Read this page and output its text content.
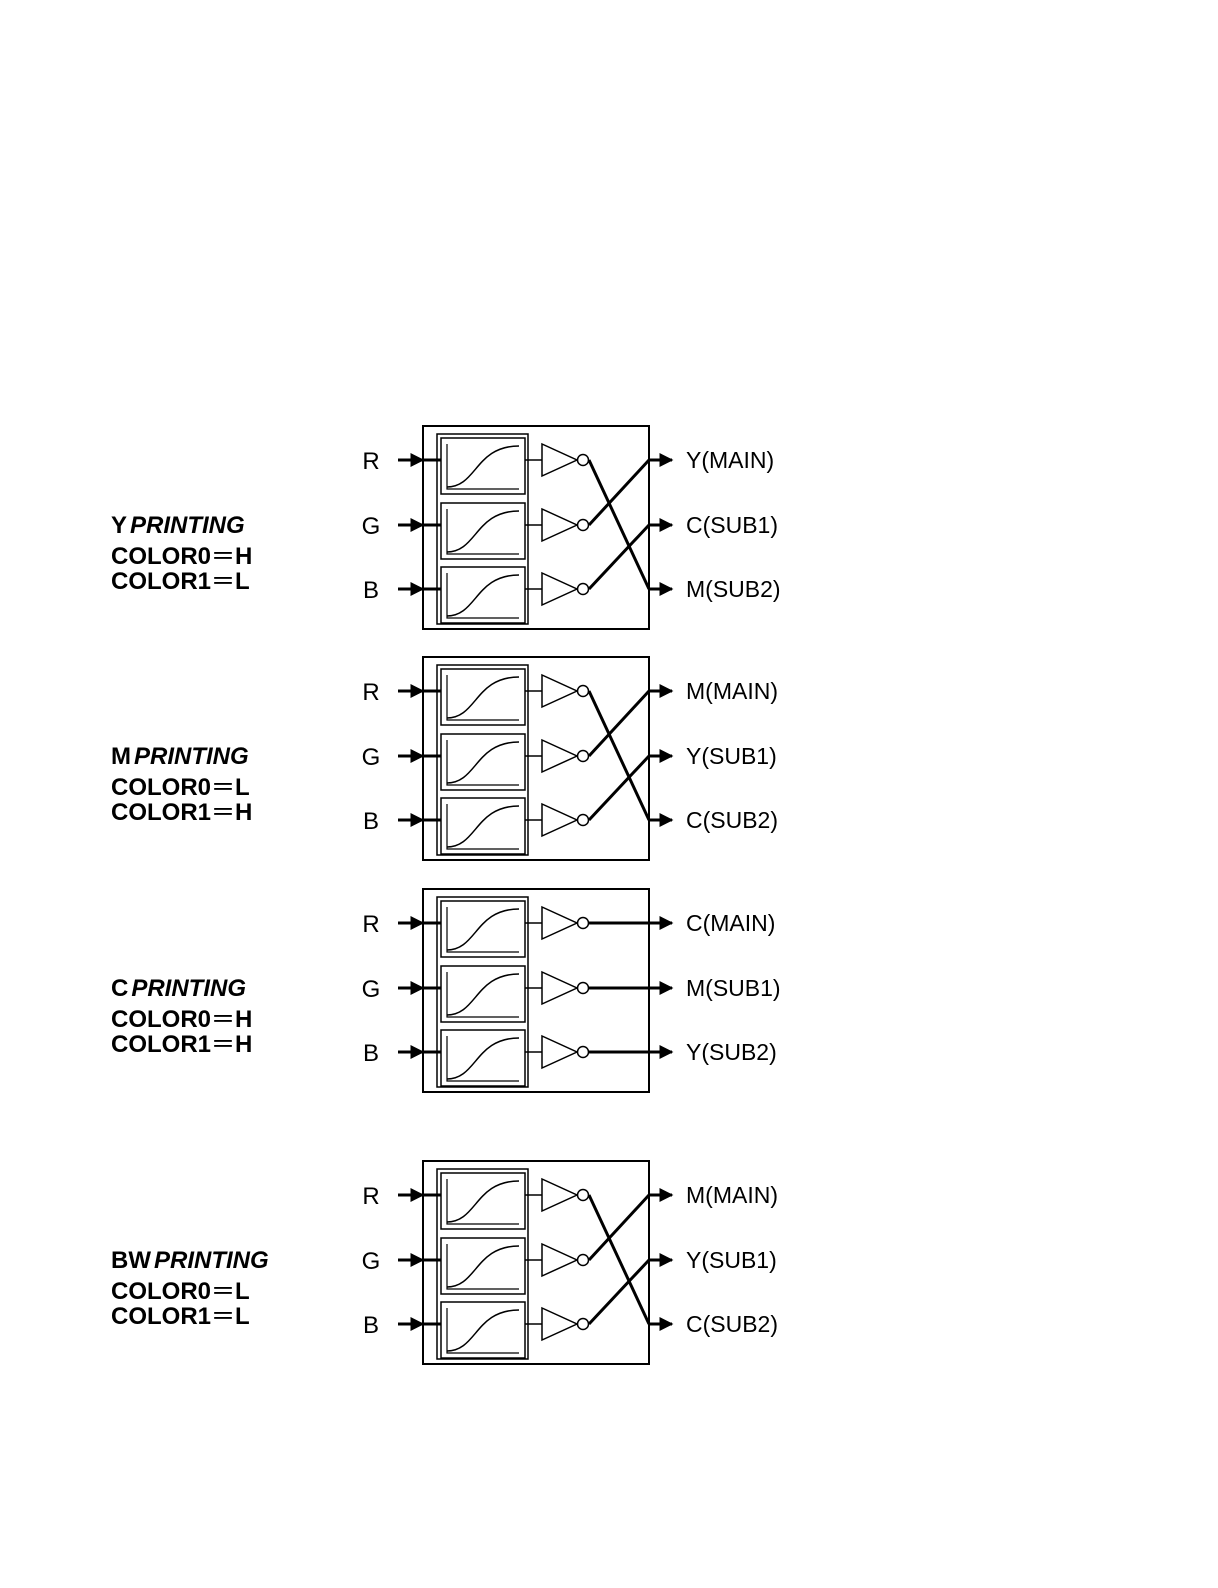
Y PRINTING
COLOR0＝H
COLOR1＝L
R
G
B
Y(MAIN)
C(SUB1)
M(SUB2)
M PRINTING
COLOR0＝L
COLOR1＝H
R
G
B
M(MAIN)
Y(SUB1)
C(SUB2)
C PRINTING
COLOR0＝H
COLOR1＝H
R
G
B
C(MAIN)
M(SUB1)
Y(SUB2)
BW PRINTING
COLOR0＝L
COLOR1＝L
R
G
B
M(MAIN)
Y(SUB1)
C(SUB2)
